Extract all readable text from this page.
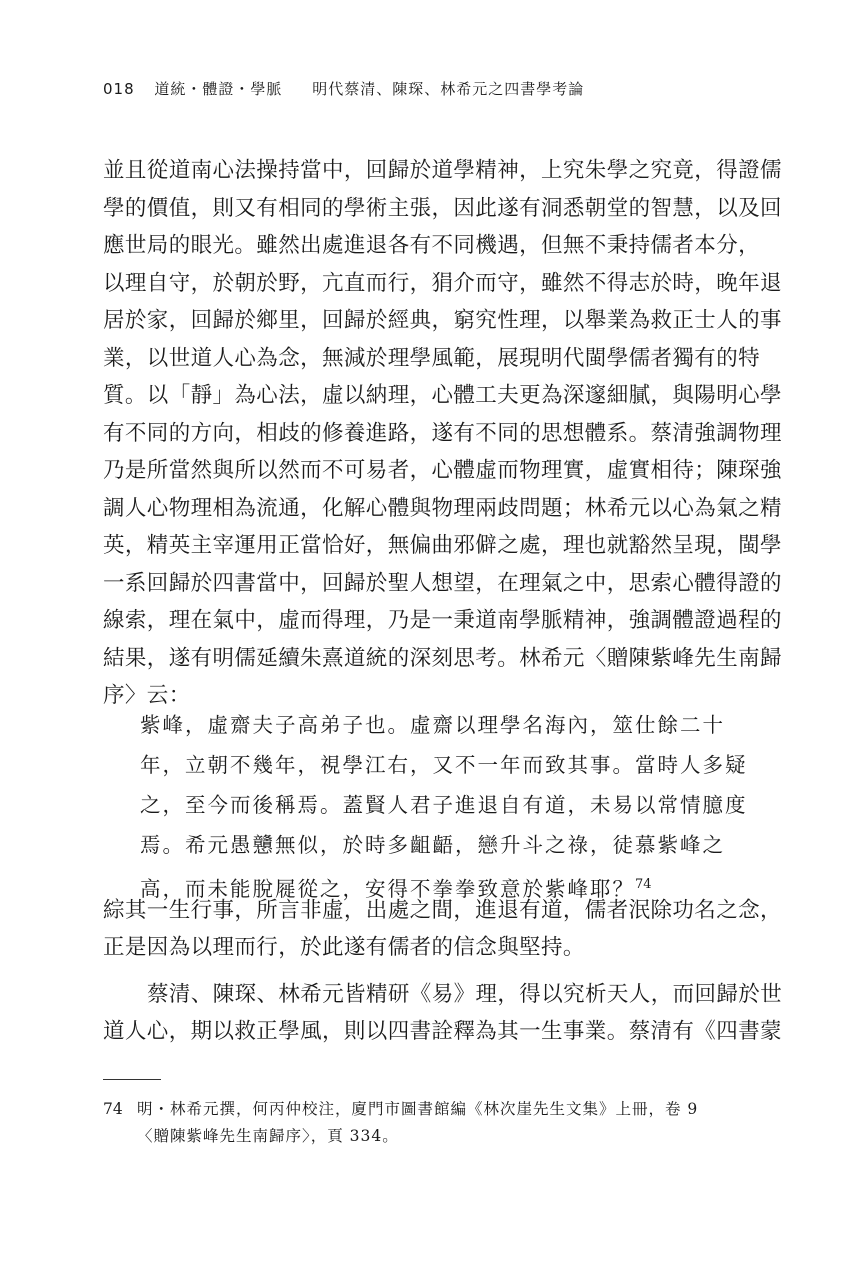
018 道統・體證・學脈 明代蔡清、陳琛、林希元之四書學考論
並且從道南心法操持當中，回歸於道學精神，上究朱學之究竟，得證儒
學的價值，則又有相同的學術主張，因此遂有洞悉朝堂的智慧，以及回
應世局的眼光。雖然出處進退各有不同機遇，但無不秉持儒者本分，
以理自守，於朝於野，亢直而行，狷介而守，雖然不得志於時，晚年退
居於家，回歸於鄉里，回歸於經典，窮究性理，以舉業為救正士人的事
業，以世道人心為念，無減於理學風範，展現明代閩學儒者獨有的特
質。以「靜」為心法，虛以納理，心體工夫更為深邃細膩，與陽明心學
有不同的方向，相歧的修養進路，遂有不同的思想體系。蔡清強調物理
乃是所當然與所以然而不可易者，心體虛而物理實，虛實相待；陳琛強
調人心物理相為流通，化解心體與物理兩歧問題；林希元以心為氣之精
英，精英主宰運用正當恰好，無偏曲邪僻之處，理也就豁然呈現，閩學
一系回歸於四書當中，回歸於聖人想望，在理氣之中，思索心體得證的
線索，理在氣中，虛而得理，乃是一秉道南學脈精神，強調體證過程的
結果，遂有明儒延續朱熹道統的深刻思考。林希元〈贈陳紫峰先生南歸
序〉云：
紫峰，虛齋夫子高弟子也。虛齋以理學名海內，筮仕餘二十
年，立朝不幾年，視學江右，又不一年而致其事。當時人多疑
之，至今而後稱焉。蓋賢人君子進退自有道，未易以常情臆度
焉。希元愚戇無似，於時多齟齬，戀升斗之祿，徒慕紫峰之
高，而未能脫屣從之，安得不拳拳致意於紫峰耶？$^{74}$
綜其一生行事，所言非虛，出處之間，進退有道，儒者泯除功名之念，
正是因為以理而行，於此遂有儒者的信念與堅持。
蔡清、陳琛、林希元皆精研《易》理，得以究析天人，而回歸於世
道人心，期以救正學風，則以四書詮釋為其一生事業。蔡清有《四書蒙
74 明・林希元撰，何丙仲校注，廈門市圖書館編《林次崖先生文集》上冊，卷 9
〈贈陳紫峰先生南歸序〉，頁 334。
